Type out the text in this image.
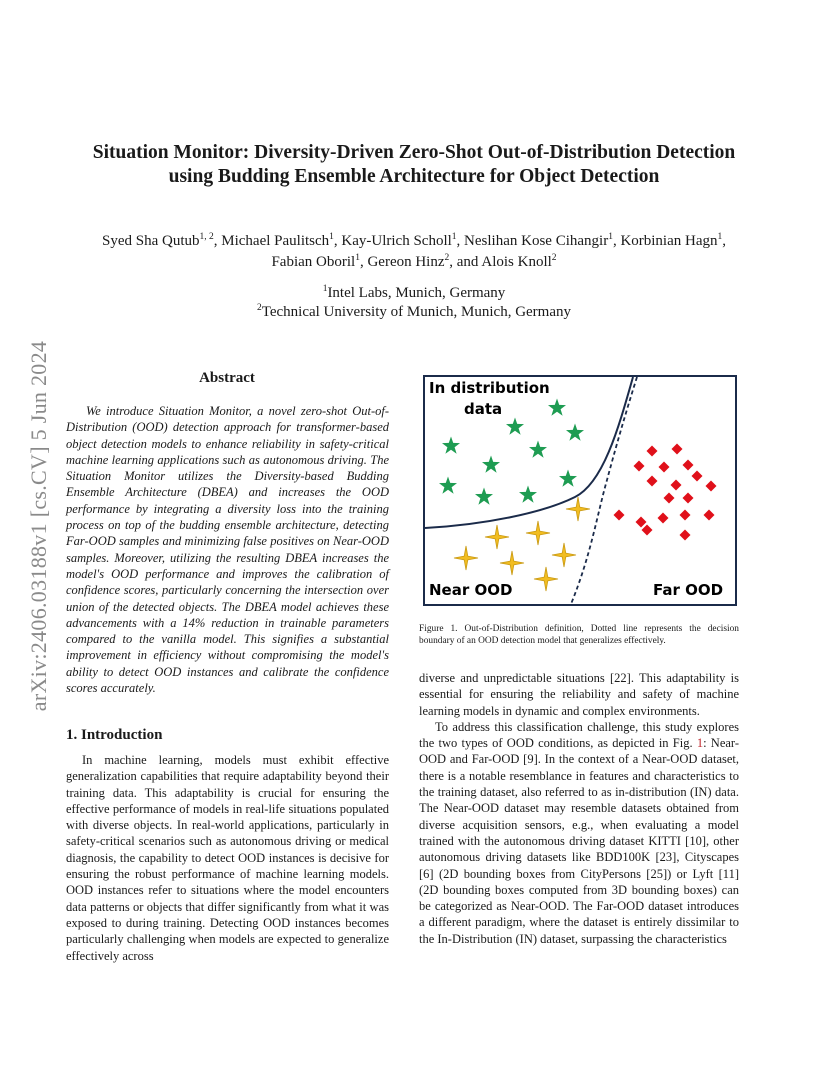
arXiv:2406.03188v1 [cs.CV] 5 Jun 2024
Situation Monitor: Diversity-Driven Zero-Shot Out-of-Distribution Detection
using Budding Ensemble Architecture for Object Detection
Syed Sha Qutub$^{1, 2}$, Michael Paulitsch$^1$, Kay-Ulrich Scholl$^1$, Neslihan Kose Cihangir$^1$, Korbinian Hagn$^1$,
Fabian Oboril$^1$, Gereon Hinz$^2$, and Alois Knoll$^2$
$^1$Intel Labs, Munich, Germany
$^2$Technical University of Munich, Munich, Germany
Abstract

We introduce Situation Monitor, a novel zero-shot Out-of-Distribution (OOD) detection approach for transformer-based object detection models to enhance reliability in safety-critical machine learning applications such as autonomous driving. The Situation Monitor utilizes the Diversity-based Budding Ensemble Architecture (DBEA) and increases the OOD performance by integrating a diversity loss into the training process on top of the budding ensemble architecture, detecting Far-OOD samples and minimizing false positives on Near-OOD samples. Moreover, utilizing the resulting DBEA increases the model's OOD performance and improves the calibration of confidence scores, particularly concerning the intersection over union of the detected objects. The DBEA model achieves these advancements with a 14% reduction in trainable parameters compared to the vanilla model. This signifies a substantial improvement in efficiency without compromising the model's ability to detect OOD instances and calibrate the confidence scores accurately.

1. Introduction

In machine learning, models must exhibit effective generalization capabilities that require adaptability beyond their training data. This adaptability is crucial for ensuring the effective performance of models in real-life situations populated with diverse objects. In real-world applications, particularly in safety-critical scenarios such as autonomous driving or medical diagnosis, the capability to detect OOD instances is decisive for ensuring the robust performance of machine learning models. OOD instances refer to situations where the model encounters data patterns or objects that differ significantly from what it was exposed to during training. Detecting OOD instances becomes particularly challenging when models are expected to generalize effectively across

In distribution data
Near OOD	Far OOD
Figure 1. Out-of-Distribution definition, Dotted line represents the decision boundary of an OOD detection model that generalizes effectively.

diverse and unpredictable situations [22]. This adaptability is essential for ensuring the reliability and safety of machine learning models in dynamic and complex environments.

To address this classification challenge, this study explores the two types of OOD conditions, as depicted in Fig. 1: Near-OOD and Far-OOD [9]. In the context of a Near-OOD dataset, there is a notable resemblance in features and characteristics to the training dataset, also referred to as in-distribution (IN) data. The Near-OOD dataset may resemble datasets obtained from diverse acquisition sensors, e.g., when evaluating a model trained with the autonomous driving dataset KITTI [10], other autonomous driving datasets like BDD100K [23], Cityscapes [6] (2D bounding boxes from CityPersons [25]) or Lyft [11] (2D bounding boxes computed from 3D bounding boxes) can be categorized as Near-OOD. The Far-OOD dataset introduces a different paradigm, where the dataset is entirely dissimilar to the In-Distribution (IN) dataset, surpassing the characteristics
